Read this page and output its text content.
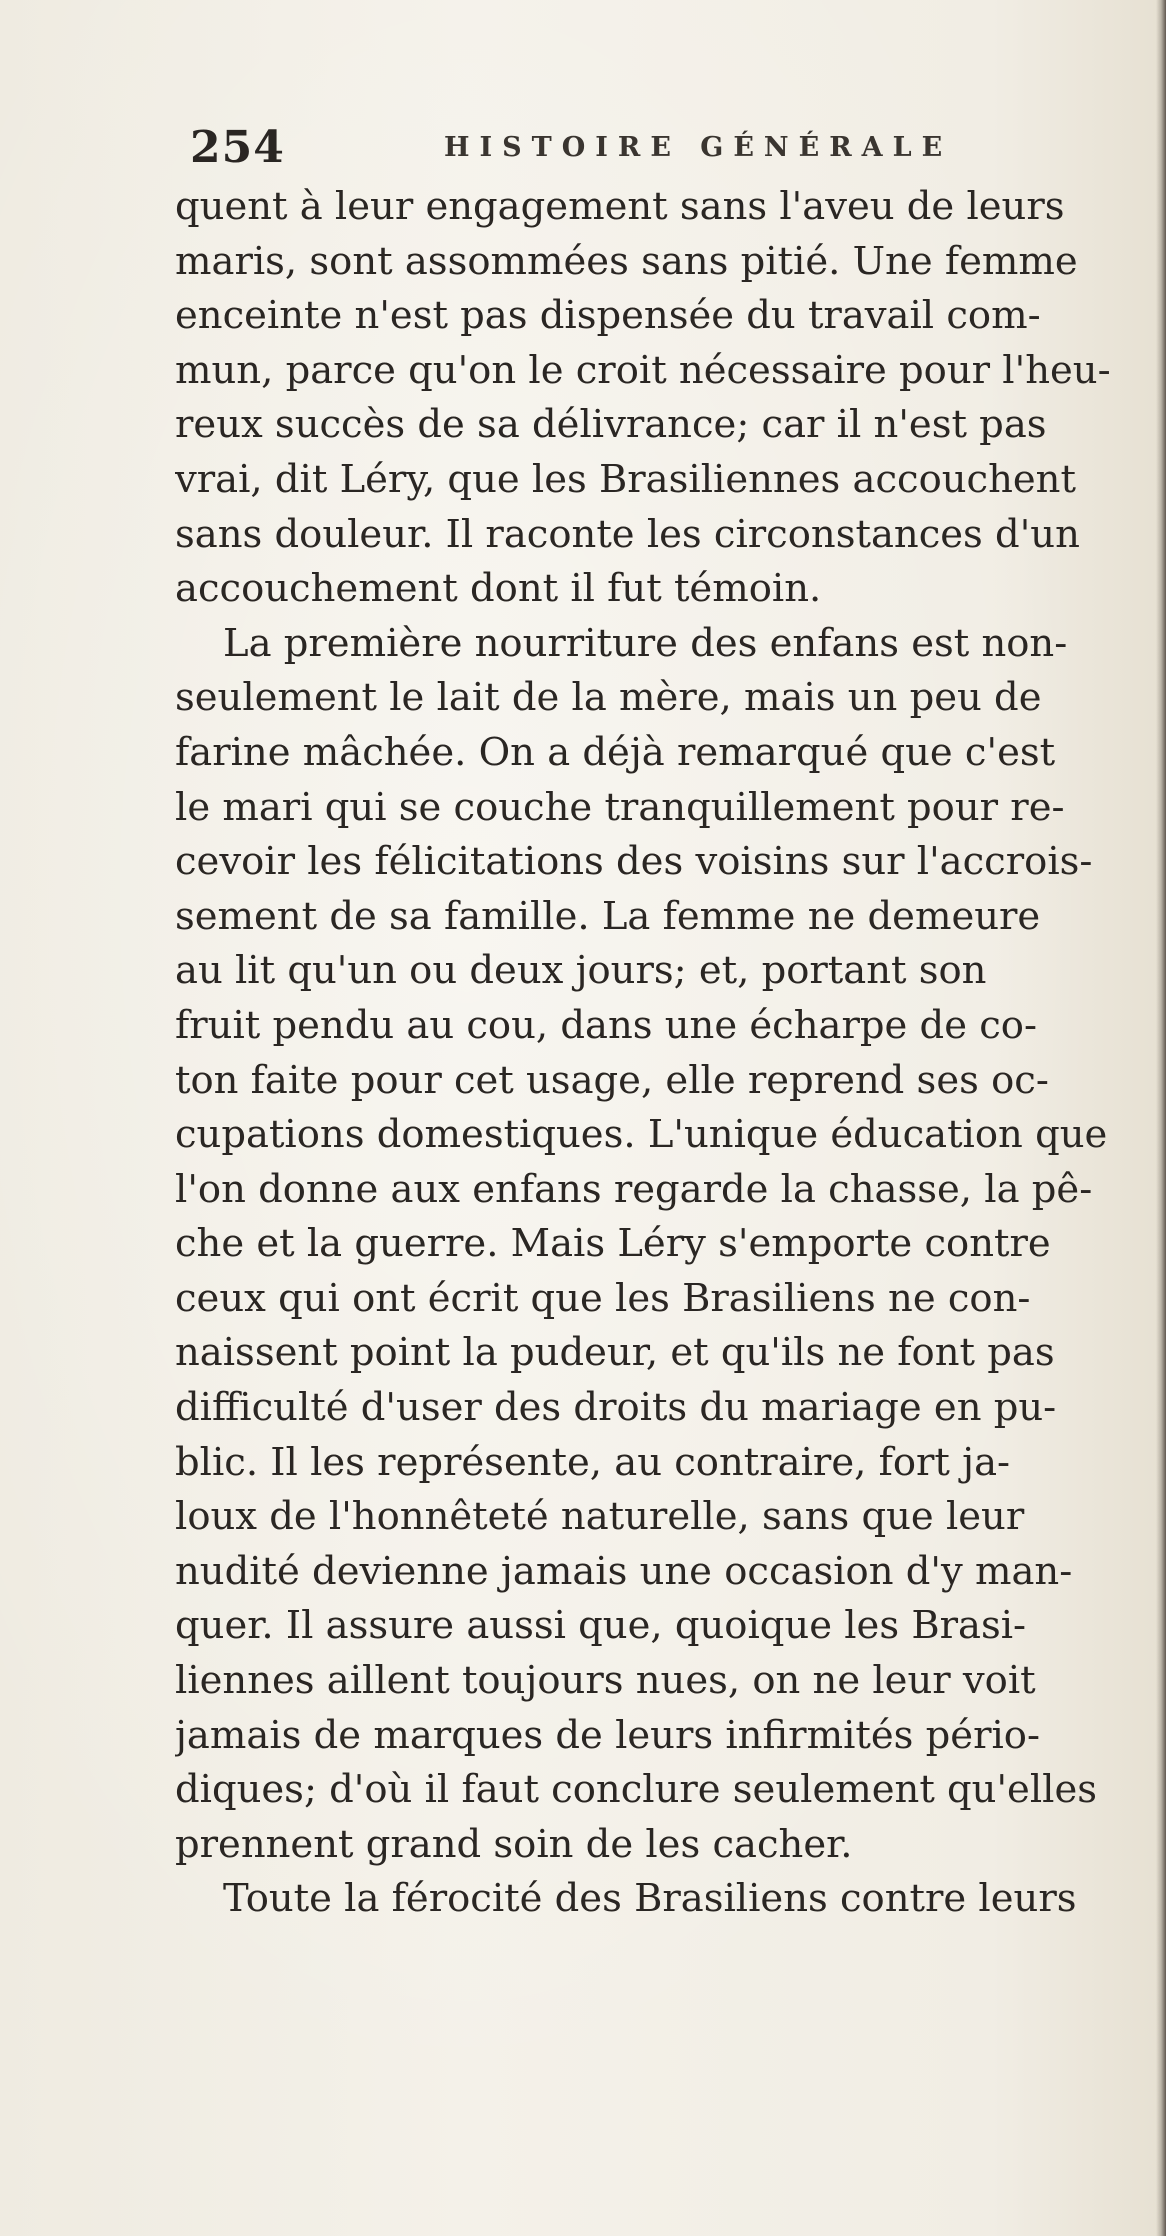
254	HISTOIRE GÉNÉRALE
quent à leur engagement sans l'aveu de leurs
maris, sont assommées sans pitié. Une femme
enceinte n'est pas dispensée du travail com-
mun, parce qu'on le croit nécessaire pour l'heu-
reux succès de sa délivrance; car il n'est pas
vrai, dit Léry, que les Brasiliennes accouchent
sans douleur. Il raconte les circonstances d'un
accouchement dont il fut témoin.
La première nourriture des enfans est non-
seulement le lait de la mère, mais un peu de
farine mâchée. On a déjà remarqué que c'est
le mari qui se couche tranquillement pour re-
cevoir les félicitations des voisins sur l'accrois-
sement de sa famille. La femme ne demeure
au lit qu'un ou deux jours; et, portant son
fruit pendu au cou, dans une écharpe de co-
ton faite pour cet usage, elle reprend ses oc-
cupations domestiques. L'unique éducation que
l'on donne aux enfans regarde la chasse, la pê-
che et la guerre. Mais Léry s'emporte contre
ceux qui ont écrit que les Brasiliens ne con-
naissent point la pudeur, et qu'ils ne font pas
difficulté d'user des droits du mariage en pu-
blic. Il les représente, au contraire, fort ja-
loux de l'honnêteté naturelle, sans que leur
nudité devienne jamais une occasion d'y man-
quer. Il assure aussi que, quoique les Brasi-
liennes aillent toujours nues, on ne leur voit
jamais de marques de leurs infirmités pério-
diques; d'où il faut conclure seulement qu'elles
prennent grand soin de les cacher.
Toute la férocité des Brasiliens contre leurs
